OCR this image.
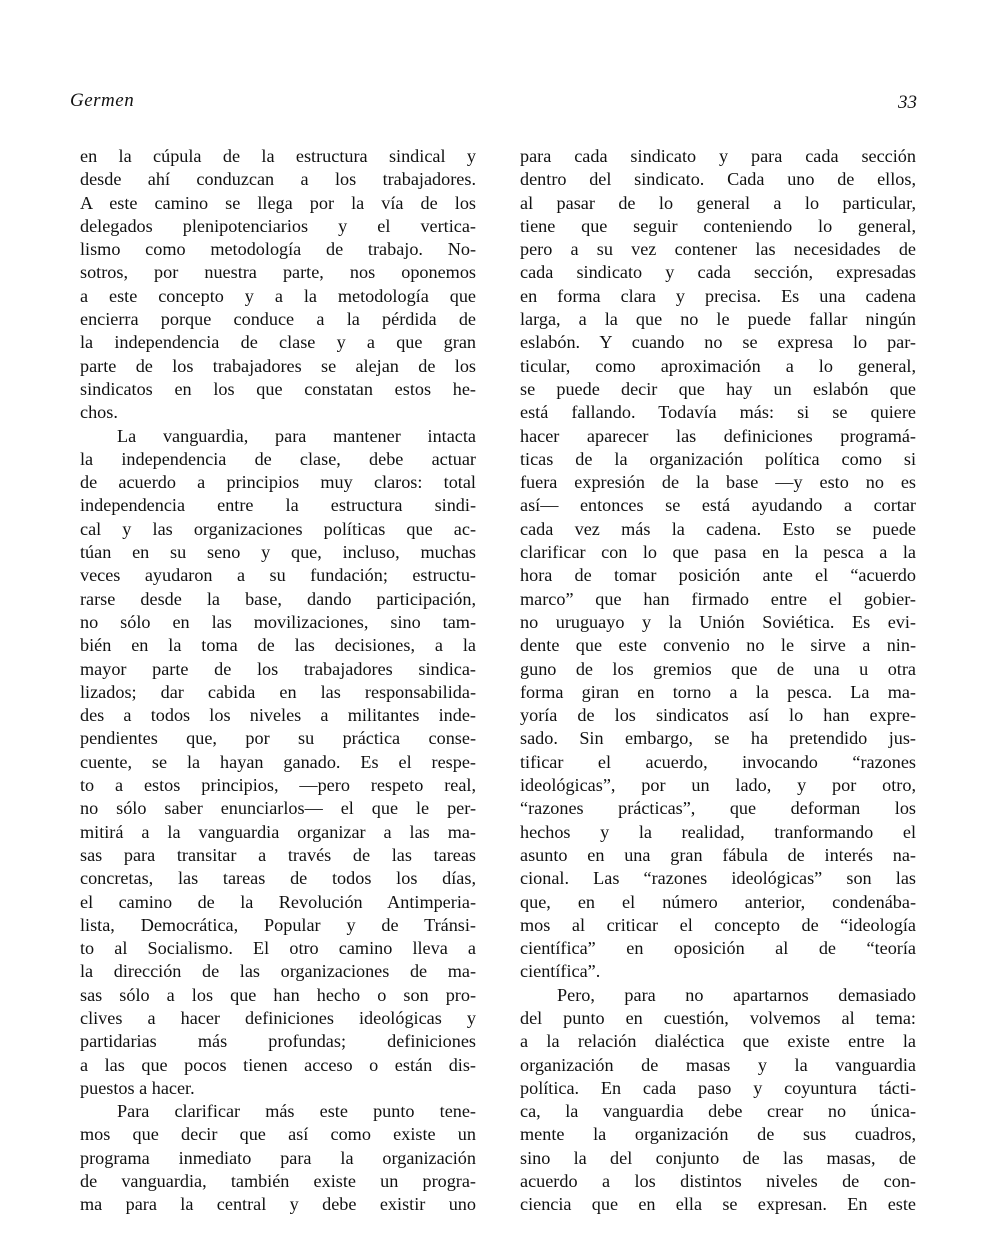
Germen	33
en la cúpula de la estructura sindical y
desde ahí conduzcan a los trabajadores.
A este camino se llega por la vía de los
delegados plenipotenciarios y el vertica-
lismo como metodología de trabajo. No-
sotros, por nuestra parte, nos oponemos
a este concepto y a la metodología que
encierra porque conduce a la pérdida de
la independencia de clase y a que gran
parte de los trabajadores se alejan de los
sindicatos en los que constatan estos he-
chos.
La vanguardia, para mantener intacta
la independencia de clase, debe actuar
de acuerdo a principios muy claros: total
independencia entre la estructura sindi-
cal y las organizaciones políticas que ac-
túan en su seno y que, incluso, muchas
veces ayudaron a su fundación; estructu-
rarse desde la base, dando participación,
no sólo en las movilizaciones, sino tam-
bién en la toma de las decisiones, a la
mayor parte de los trabajadores sindica-
lizados; dar cabida en las responsabilida-
des a todos los niveles a militantes inde-
pendientes que, por su práctica conse-
cuente, se la hayan ganado. Es el respe-
to a estos principios, —pero respeto real,
no sólo saber enunciarlos— el que le per-
mitirá a la vanguardia organizar a las ma-
sas para transitar a través de las tareas
concretas, las tareas de todos los días,
el camino de la Revolución Antimperia-
lista, Democrática, Popular y de Tránsi-
to al Socialismo. El otro camino lleva a
la dirección de las organizaciones de ma-
sas sólo a los que han hecho o son pro-
clives a hacer definiciones ideológicas y
partidarias más profundas; definiciones
a las que pocos tienen acceso o están dis-
puestos a hacer.
Para clarificar más este punto tene-
mos que decir que así como existe un
programa inmediato para la organización
de vanguardia, también existe un progra-
ma para la central y debe existir uno
para cada sindicato y para cada sección
dentro del sindicato. Cada uno de ellos,
al pasar de lo general a lo particular,
tiene que seguir conteniendo lo general,
pero a su vez contener las necesidades de
cada sindicato y cada sección, expresadas
en forma clara y precisa. Es una cadena
larga, a la que no le puede fallar ningún
eslabón. Y cuando no se expresa lo par-
ticular, como aproximación a lo general,
se puede decir que hay un eslabón que
está fallando. Todavía más: si se quiere
hacer aparecer las definiciones programá-
ticas de la organización política como si
fuera expresión de la base —y esto no es
así— entonces se está ayudando a cortar
cada vez más la cadena. Esto se puede
clarificar con lo que pasa en la pesca a la
hora de tomar posición ante el “acuerdo
marco” que han firmado entre el gobier-
no uruguayo y la Unión Soviética. Es evi-
dente que este convenio no le sirve a nin-
guno de los gremios que de una u otra
forma giran en torno a la pesca. La ma-
yoría de los sindicatos así lo han expre-
sado. Sin embargo, se ha pretendido jus-
tificar el acuerdo, invocando “razones
ideológicas”, por un lado, y por otro,
“razones prácticas”, que deforman los
hechos y la realidad, tranformando el
asunto en una gran fábula de interés na-
cional. Las “razones ideológicas” son las
que, en el número anterior, condenába-
mos al criticar el concepto de “ideología
científica” en oposición al de “teoría
científica”.
Pero, para no apartarnos demasiado
del punto en cuestión, volvemos al tema:
a la relación dialéctica que existe entre la
organización de masas y la vanguardia
política. En cada paso y coyuntura tácti-
ca, la vanguardia debe crear no única-
mente la organización de sus cuadros,
sino la del conjunto de las masas, de
acuerdo a los distintos niveles de con-
ciencia que en ella se expresan. En este
